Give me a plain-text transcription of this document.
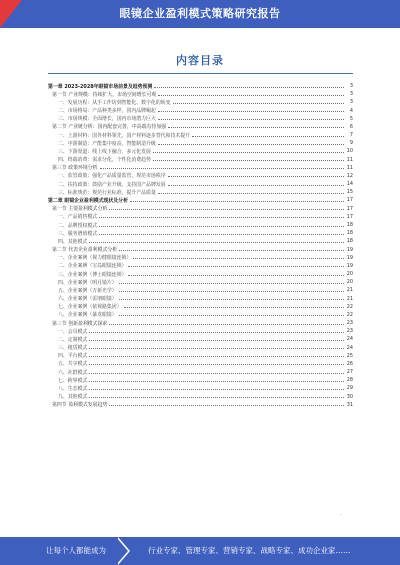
眼镜企业盈利模式策略研究报告
内容目录
第一章 2023-2028年眼镜市场前景及趋势预测	3
第一节 产业规模：持续扩大，市场空间增长可观	3
一、发展历程：从手工作坊到智能化、数字化的转变	3
二、市场格局：产品种类多样，国内品牌崛起	4
三、市场规模：全面增长，国内市场潜力巨大	5
第二节 产业链分析：国内配套完善，中高端有待加强	6
一、上游材料：国外材料领先，国产材料逐步替代和技术提升	7
二、中游制造：产能集中度高，智能制造升级	9
三、下游渠道：线上线下融合，多元化发展	10
四、终端消费：需求分化，个性化消费趋势	11
第三节 政策环境分析	11
一、监管政策：强化产品质量监管，规范市场秩序	12
二、扶持政策：鼓励产业升级，支持国产品牌发展	14
三、标准规范：规范行业标准，提升产品质量	15
第二章 眼镜企业盈利模式现状及分析	17
第一节 主要盈利模式分析	17
一、产品销售模式	17
二、品牌授权模式	18
三、服务增值模式	18
四、其他模式	18
第二节 代表企业盈利模式分析	19
一、企业案例（视力健眼镜连锁）	19
二、企业案例（宝岛眼镜连锁）	19
三、企业案例（博士眼镜连锁）	20
四、企业案例（明月镜片）	20
五、企业案例（万新光学）	21
六、企业案例（雷朋眼镜）	21
七、企业案例（依视路集团）	22
八、企业案例（暴龙眼镜）	22
第三节 创新盈利模式探索	23
一、会员模式	23
二、定制模式	24
三、租赁模式	24
四、平台模式	25
五、共享模式	26
六、社群模式	27
七、跨界模式	28
八、生态模式	29
九、其他模式	30
第四节 盈利模式发展趋势	31
-
让每个人都能成为	行业专家、管理专家、营销专家、战略专家、成功企业家……
